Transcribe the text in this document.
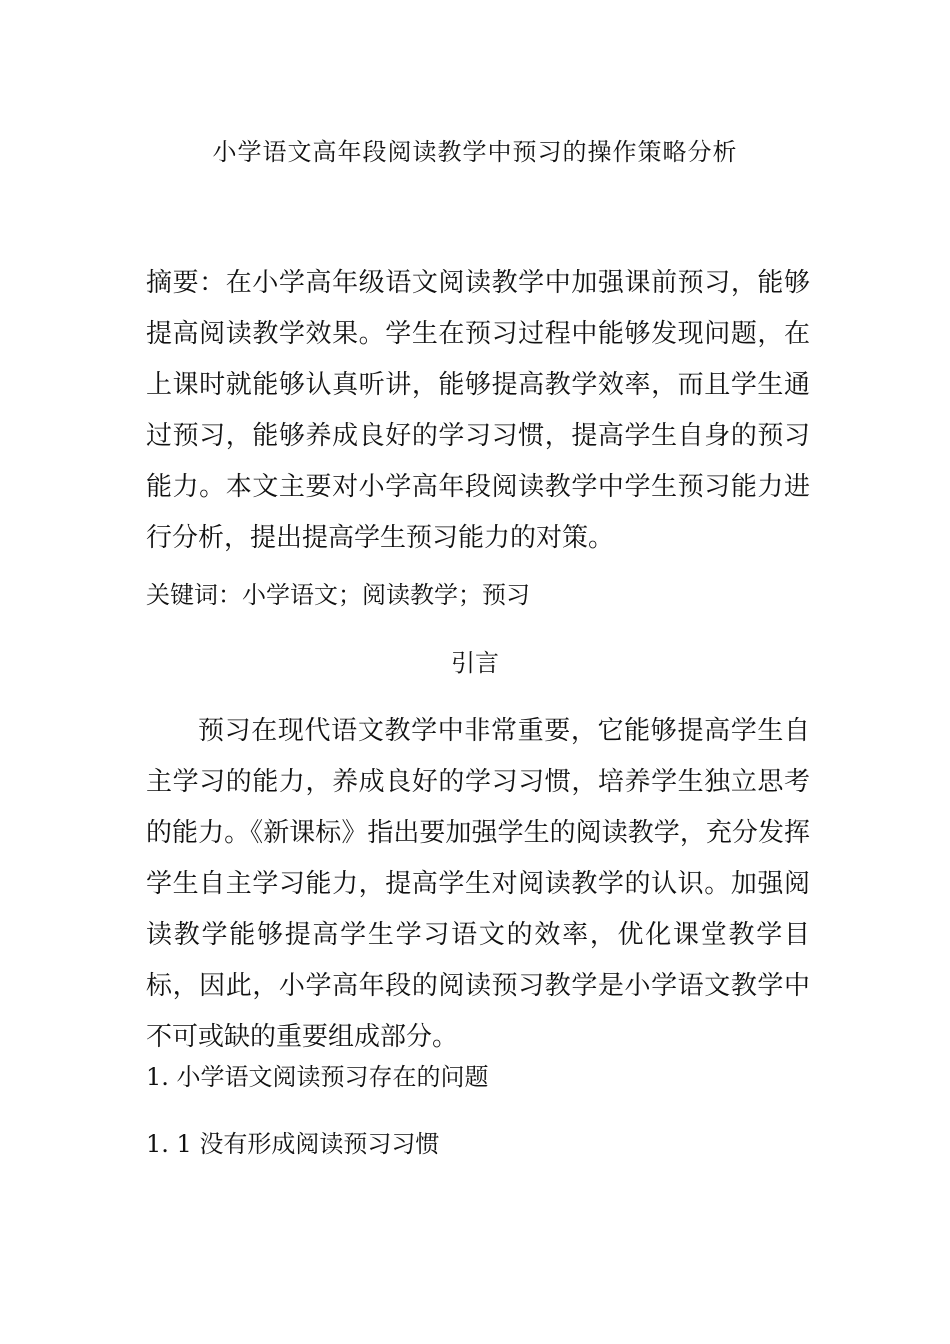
小学语文高年段阅读教学中预习的操作策略分析
摘要：在小学高年级语文阅读教学中加强课前预习，能够提高阅读教学效果。学生在预习过程中能够发现问题，在上课时就能够认真听讲，能够提高教学效率，而且学生通过预习，能够养成良好的学习习惯，提高学生自身的预习能力。本文主要对小学高年段阅读教学中学生预习能力进行分析，提出提高学生预习能力的对策。
关键词：小学语文；阅读教学；预习
引言
预习在现代语文教学中非常重要，它能够提高学生自主学习的能力，养成良好的学习习惯，培养学生独立思考的能力。《新课标》指出要加强学生的阅读教学，充分发挥学生自主学习能力，提高学生对阅读教学的认识。加强阅读教学能够提高学生学习语文的效率，优化课堂教学目标，因此，小学高年段的阅读预习教学是小学语文教学中不可或缺的重要组成部分。
1. 小学语文阅读预习存在的问题
1. 1 没有形成阅读预习习惯
